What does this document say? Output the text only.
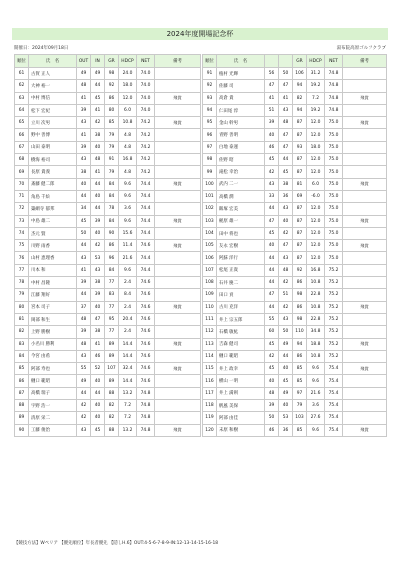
2024年度開場記念杯
開催日：2024年09月18日	湯布院高原ゴルフクラブ
順位	氏　名	OUT	IN	GR	HDCP	NET	備考
61	古賀 正人	49	49	98	24.0	74.0	
62	大神 裕一	48	44	92	18.0	74.0	
63	中村 博信	41	45	86	12.0	74.0	飛賞
64	松下 宏紀	39	41	80	6.0	74.0	
65	立川 次男	43	42	85	10.8	74.2	飛賞
66	野中 善博	41	38	79	4.8	74.2	
67	山田 泰明	39	40	79	4.8	74.2	
68	樹海 裕司	43	48	91	16.8	74.2	
69	長原 貴義	38	41	79	4.8	74.2	
70	斎藤 健二郎	40	44	84	9.6	74.4	飛賞
71	角島 千絵	44	40	84	9.6	74.4	
72	築網寺 郁邦	34	44	78	3.6	74.4	
73	中島 雄二	45	39	84	9.6	74.4	飛賞
74	杰元 賢	50	40	90	15.6	74.4	
75	川野 雨香	44	42	86	11.4	74.6	飛賞
76	山村 恵理香	43	53	96	21.6	74.4	
77	川本 和	41	43	84	9.6	74.4	
78	中村 昌隆	39	38	77	2.4	74.6	
79	江藤 翔好	44	39	83	8.4	74.6	
80	宮本 司子	37	40	77	2.4	74.6	飛賞
81	岡部 和生	48	47	95	20.4	74.6	
82	上野 勝樹	39	38	77	2.4	74.6	
83	小名川 勝利	48	41	89	14.4	74.6	飛賞
84	今宮 由希	43	46	89	14.4	74.6	
85	阿部 寿也	55	52	107	32.4	74.6	飛賞
86	樋口 範昭	49	40	89	14.4	74.6	
87	高橋 瑞子	44	44	88	13.2	74.8	
88	宇野 浩一	42	40	82	7.2	74.8	
89	清原 栄二	42	40	82	7.2	74.8	
90	工藤 俊治	43	45	88	13.2	74.8	飛賞
順位	氏　名			GR	HDCP	NET	備考
91	植村 光輝	56	50	106	31.2	74.8	
92	佐藤 司	47	47	94	19.2	74.8	
93	高倉 貴	41	41	82	7.2	74.8	飛賞
94	仁田尾 淳	51	43	94	19.2	74.8	
95	金山 幹男	39	48	87	12.0	75.0	飛賞
96	青野 善明	40	47	87	12.0	75.0	
97	白地 泰運	46	47	93	18.0	75.0	
98	佐野 昭	45	44	87	12.0	75.0	
99	滝松 幸治	42	45	87	12.0	75.0	
100	武内 二一	43	38	81	6.0	75.0	飛賞
101	高橋 潤	33	36	69	-6.0	75.0	
102	飯塚 宏美	44	43	87	12.0	75.0	
103	梶原 雄一	47	40	87	12.0	75.0	飛賞
104	田中 将也	45	42	87	12.0	75.0	
105	友永 宏樹	40	47	87	12.0	75.0	飛賞
106	阿蘇 洋行	44	43	87	12.0	75.0	
107	松尾 正貴	44	48	92	16.8	75.2	
108	石井 慶二	44	42	86	10.8	75.2	
109	田口 貢	47	51	98	22.8	75.2	
110	古川 克洋	44	42	86	10.8	75.2	飛賞
111	井上 宗五郎	55	43	98	22.8	75.2	
112	石橋 敏紘	60	50	110	34.8	75.2	
113	吉森 健司	45	49	94	18.8	75.2	飛賞
114	樋口 範昭	42	44	86	10.8	75.2	
115	井上 政幸	45	40	85	9.6	75.4	飛賞
116	横山 一明	40	45	85	9.6	75.4	
117	井上 満則	48	49	97	21.6	75.4	
118	帆風 美保	39	40	79	3.6	75.4	
119	阿部 由佳	50	53	103	27.6	75.4	
120	末原 和樹	46	36	85	9.6	75.4	飛賞
【競技方法】Wペリア 【優先順位】年長者優先 【隠しH.6】OUT:4-5-6-7-8-9-IN:12-13-14-15-16-18
